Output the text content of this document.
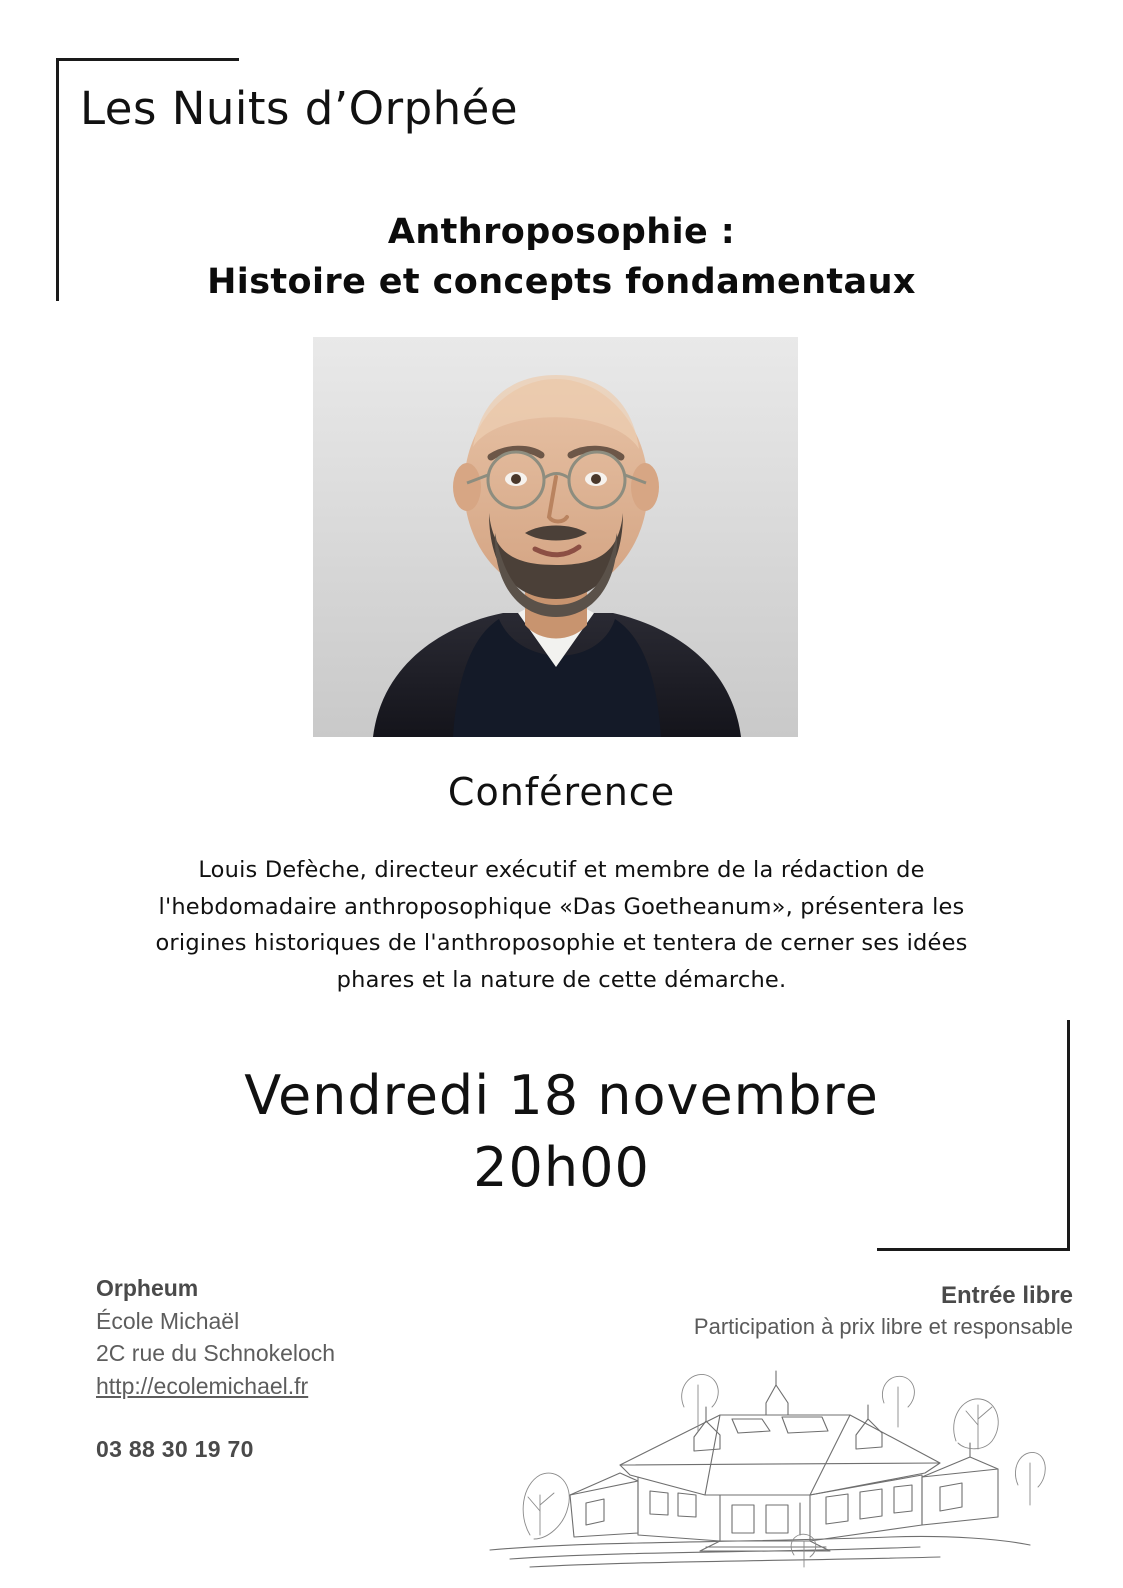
Les Nuits d’Orphée
Anthroposophie :
Histoire et concepts fondamentaux
Conférence
Louis Defèche, directeur exécutif et membre de la rédaction de
l'hebdomadaire anthroposophique «Das Goetheanum», présentera les
origines historiques de l'anthroposophie et tentera de cerner ses idées
phares et la nature de cette démarche.
Vendredi 18 novembre
20h00
Orpheum
École Michaël
2C rue du Schnokeloch
http://ecolemichael.fr
03 88 30 19 70
Entrée libre
Participation à prix libre et responsable
